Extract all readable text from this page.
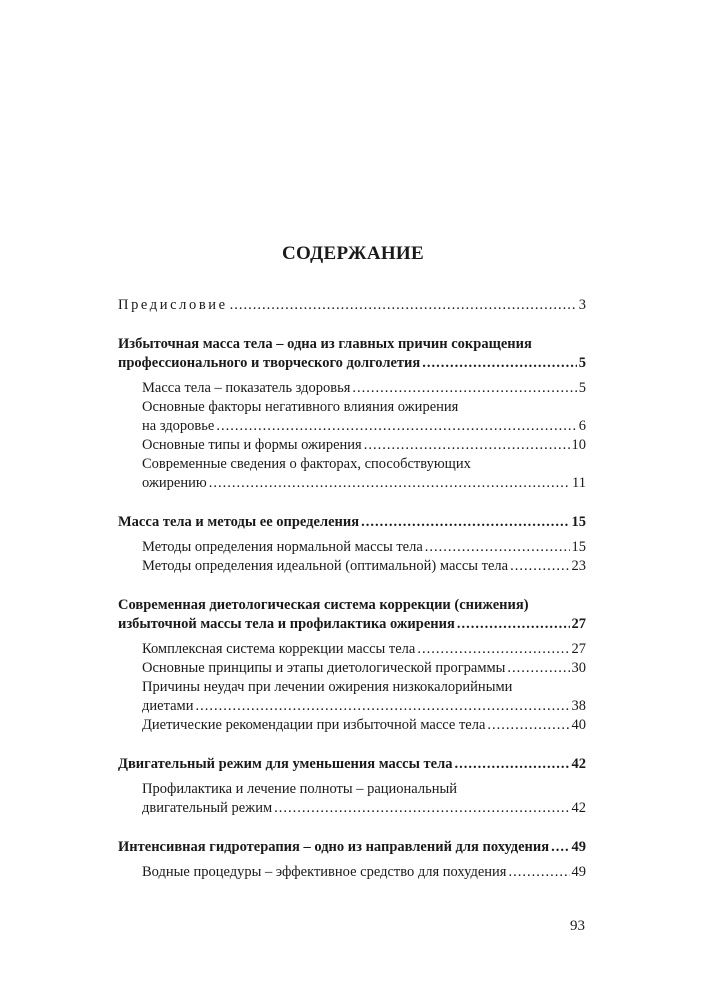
СОДЕРЖАНИЕ
Предисловие .....	3
Избыточная масса тела – одна из главных причин сокращения
профессионального и творческого долголетия .....	5
Масса тела – показатель здоровья .....	5
Основные факторы негативного влияния ожирения
на здоровье .....	6
Основные типы и формы ожирения .....	10
Современные сведения о факторах, способствующих
ожирению .....	11
Масса тела и методы ее определения .....	15
Методы определения нормальной массы тела .....	15
Методы определения идеальной (оптимальной) массы тела .....	23
Современная диетологическая система коррекции (снижения)
избыточной массы тела и профилактика ожирения .....	27
Комплексная система коррекции массы тела .....	27
Основные принципы и этапы диетологической программы .....	30
Причины неудач при лечении ожирения низкокалорийными
диетами .....	38
Диетические рекомендации при избыточной массе тела .....	40
Двигательный режим для уменьшения массы тела .....	42
Профилактика и лечение полноты – рациональный
двигательный режим .....	42
Интенсивная гидротерапия – одно из направлений для похудения ..... 49
Водные процедуры – эффективное средство для похудения .....	49
93
